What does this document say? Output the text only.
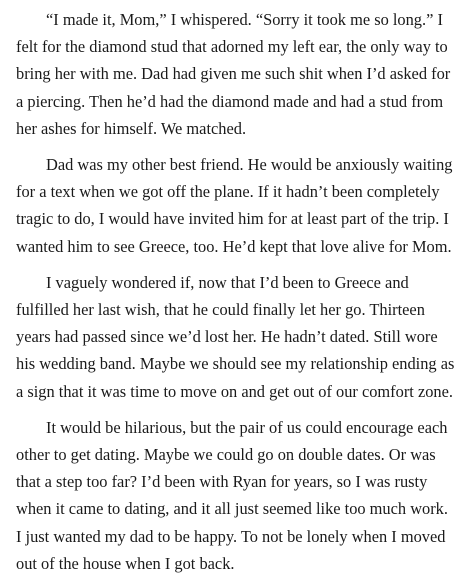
“I made it, Mom,” I whispered. “Sorry it took me so long.” I felt for the diamond stud that adorned my left ear, the only way to bring her with me. Dad had given me such shit when I’d asked for a piercing. Then he’d had the diamond made and had a stud from her ashes for himself. We matched.

Dad was my other best friend. He would be anxiously waiting for a text when we got off the plane. If it hadn’t been completely tragic to do, I would have invited him for at least part of the trip. I wanted him to see Greece, too. He’d kept that love alive for Mom.

I vaguely wondered if, now that I’d been to Greece and fulfilled her last wish, that he could finally let her go. Thirteen years had passed since we’d lost her. He hadn’t dated. Still wore his wedding band. Maybe we should see my relationship ending as a sign that it was time to move on and get out of our comfort zone.

It would be hilarious, but the pair of us could encourage each other to get dating. Maybe we could go on double dates. Or was that a step too far? I’d been with Ryan for years, so I was rusty when it came to dating, and it all just seemed like too much work. I just wanted my dad to be happy. To not be lonely when I moved out of the house when I got back.
